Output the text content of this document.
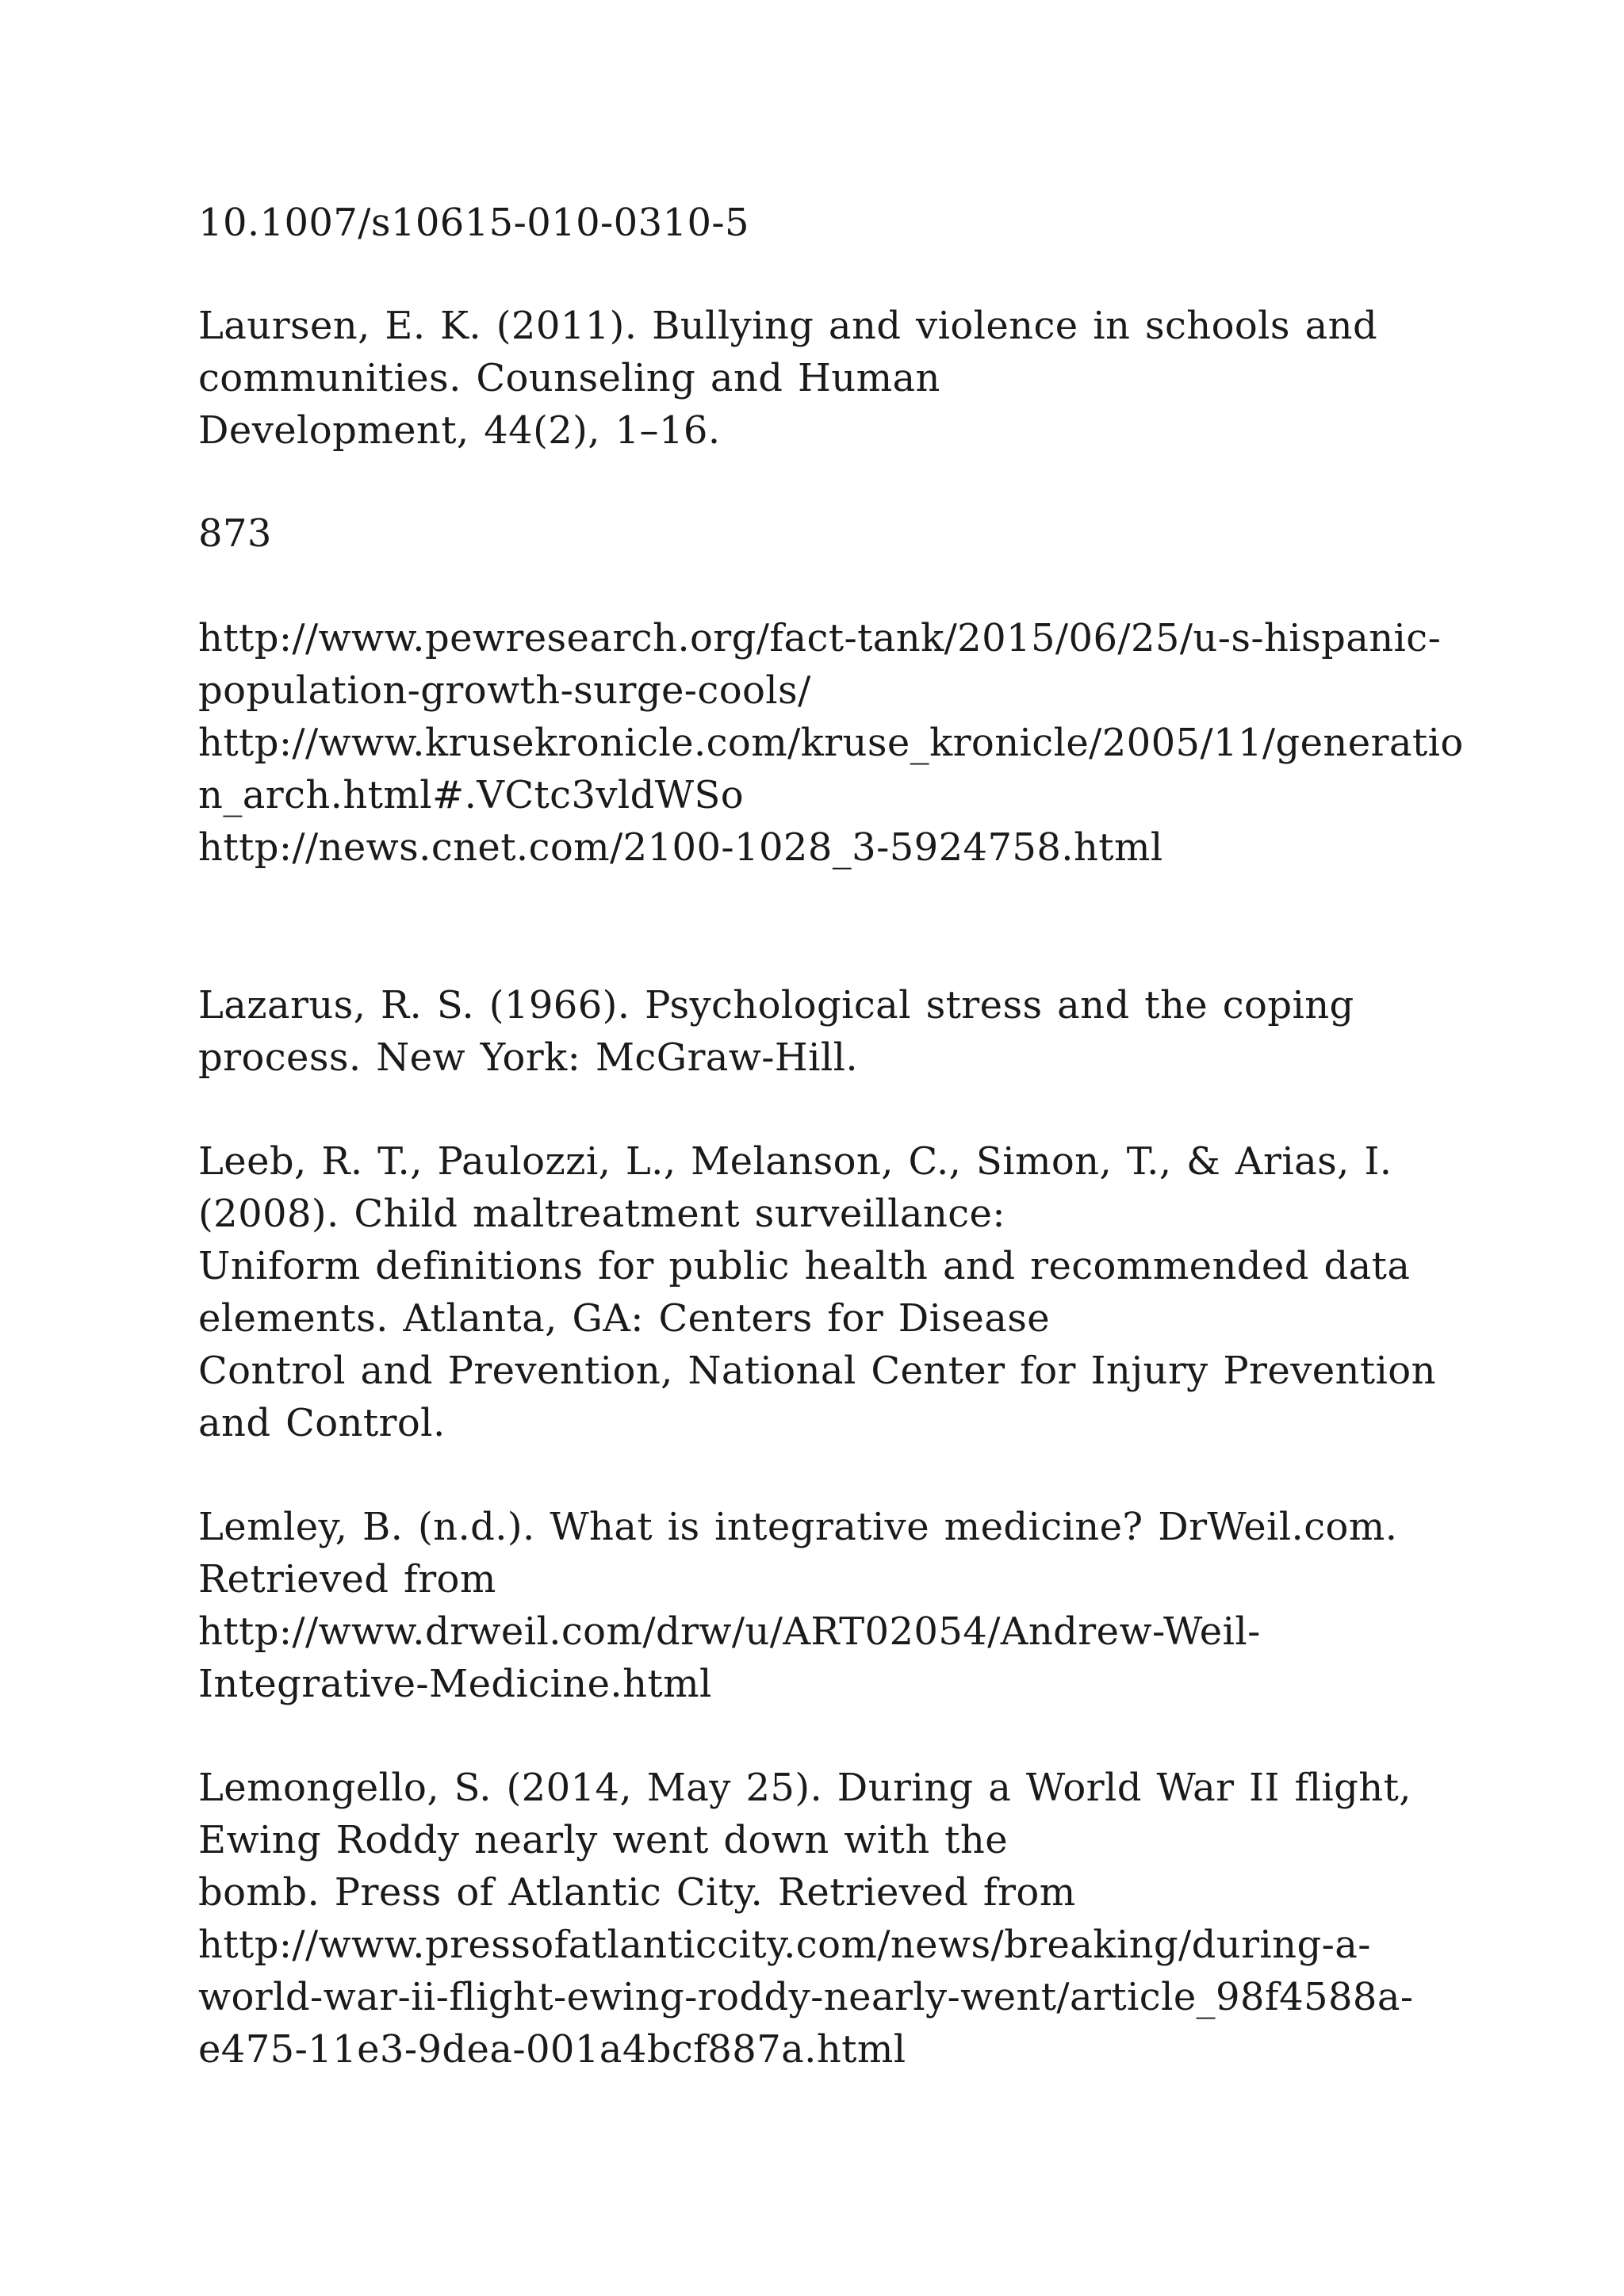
10.1007/s10615-010-0310-5
Laursen, E. K. (2011). Bullying and violence in schools and
communities. Counseling and Human
Development, 44(2), 1–16.
873
http://www.pewresearch.org/fact-tank/2015/06/25/u-s-hispanic-
population-growth-surge-cools/
http://www.krusekronicle.com/kruse_kronicle/2005/11/generatio
n_arch.html#.VCtc3vldWSo
http://news.cnet.com/2100-1028_3-5924758.html
Lazarus, R. S. (1966). Psychological stress and the coping
process. New York: McGraw-Hill.
Leeb, R. T., Paulozzi, L., Melanson, C., Simon, T., & Arias, I.
(2008). Child maltreatment surveillance:
Uniform definitions for public health and recommended data
elements. Atlanta, GA: Centers for Disease
Control and Prevention, National Center for Injury Prevention
and Control.
Lemley, B. (n.d.). What is integrative medicine? DrWeil.com.
Retrieved from
http://www.drweil.com/drw/u/ART02054/Andrew-Weil-
Integrative-Medicine.html
Lemongello, S. (2014, May 25). During a World War II flight,
Ewing Roddy nearly went down with the
bomb. Press of Atlantic City. Retrieved from
http://www.pressofatlanticcity.com/news/breaking/during-a-
world-war-ii-flight-ewing-roddy-nearly-went/article_98f4588a-
e475-11e3-9dea-001a4bcf887a.html
